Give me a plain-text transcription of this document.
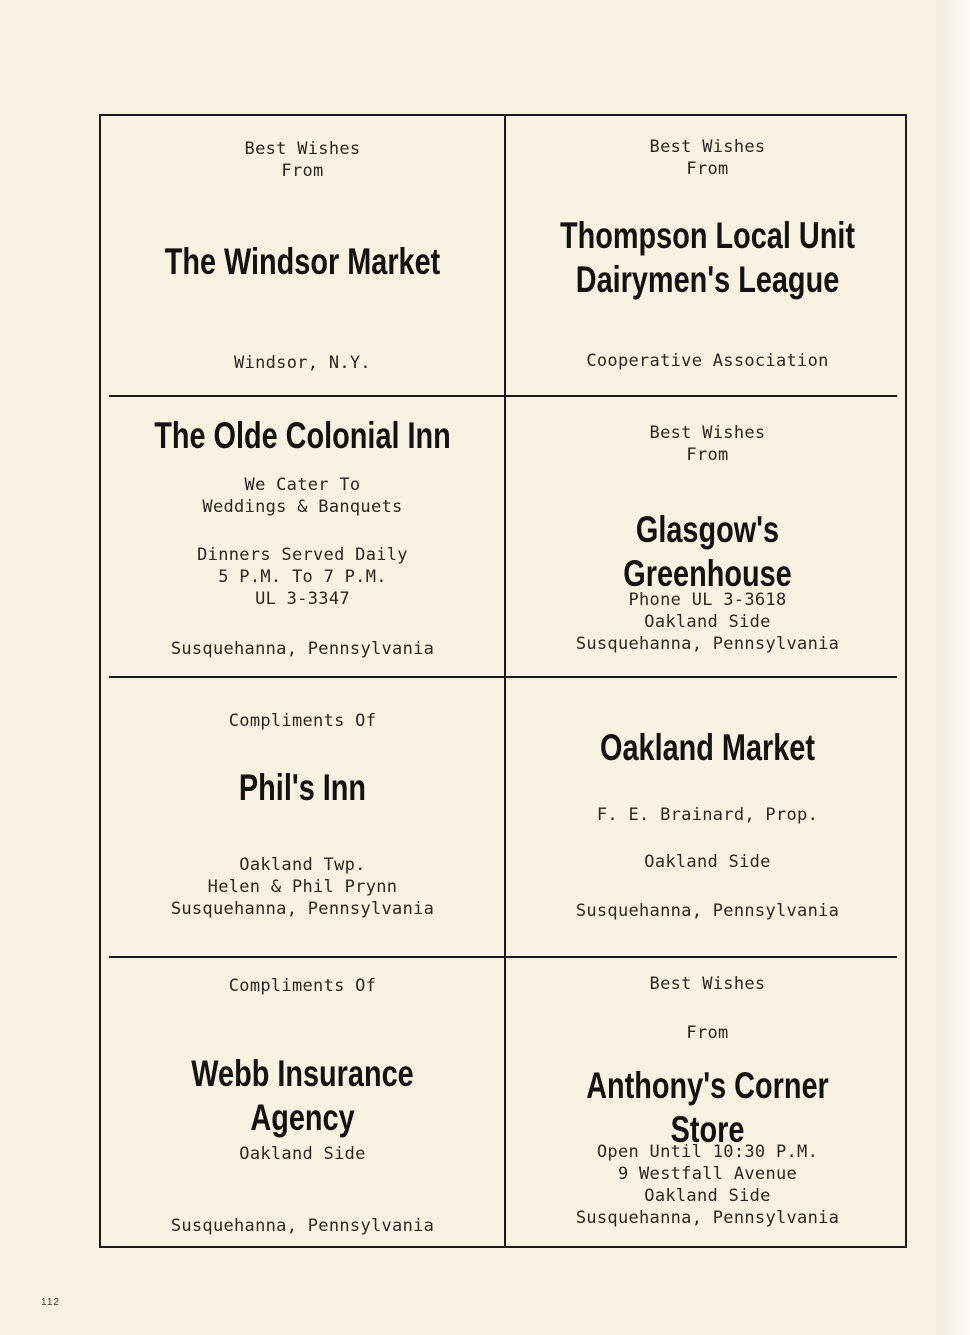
Best Wishes
From
The Windsor Market
Windsor, N.Y.
Best Wishes
From
Thompson Local Unit
Dairymen's League
Cooperative Association
The Olde Colonial Inn
We Cater To
Weddings & Banquets
Dinners Served Daily
5 P.M. To 7 P.M.
UL 3-3347
Susquehanna, Pennsylvania
Best Wishes
From
Glasgow's Greenhouse
Phone UL 3-3618
Oakland Side
Susquehanna, Pennsylvania
Compliments Of
Phil's Inn
Oakland Twp.
Helen & Phil Prynn
Susquehanna, Pennsylvania
Oakland Market
F. E. Brainard, Prop.
Oakland Side
Susquehanna, Pennsylvania
Compliments Of
Webb Insurance Agency
Oakland Side
Susquehanna, Pennsylvania
Best Wishes
From
Anthony's Corner Store
Open Until 10:30 P.M.
9 Westfall Avenue
Oakland Side
Susquehanna, Pennsylvania
112
